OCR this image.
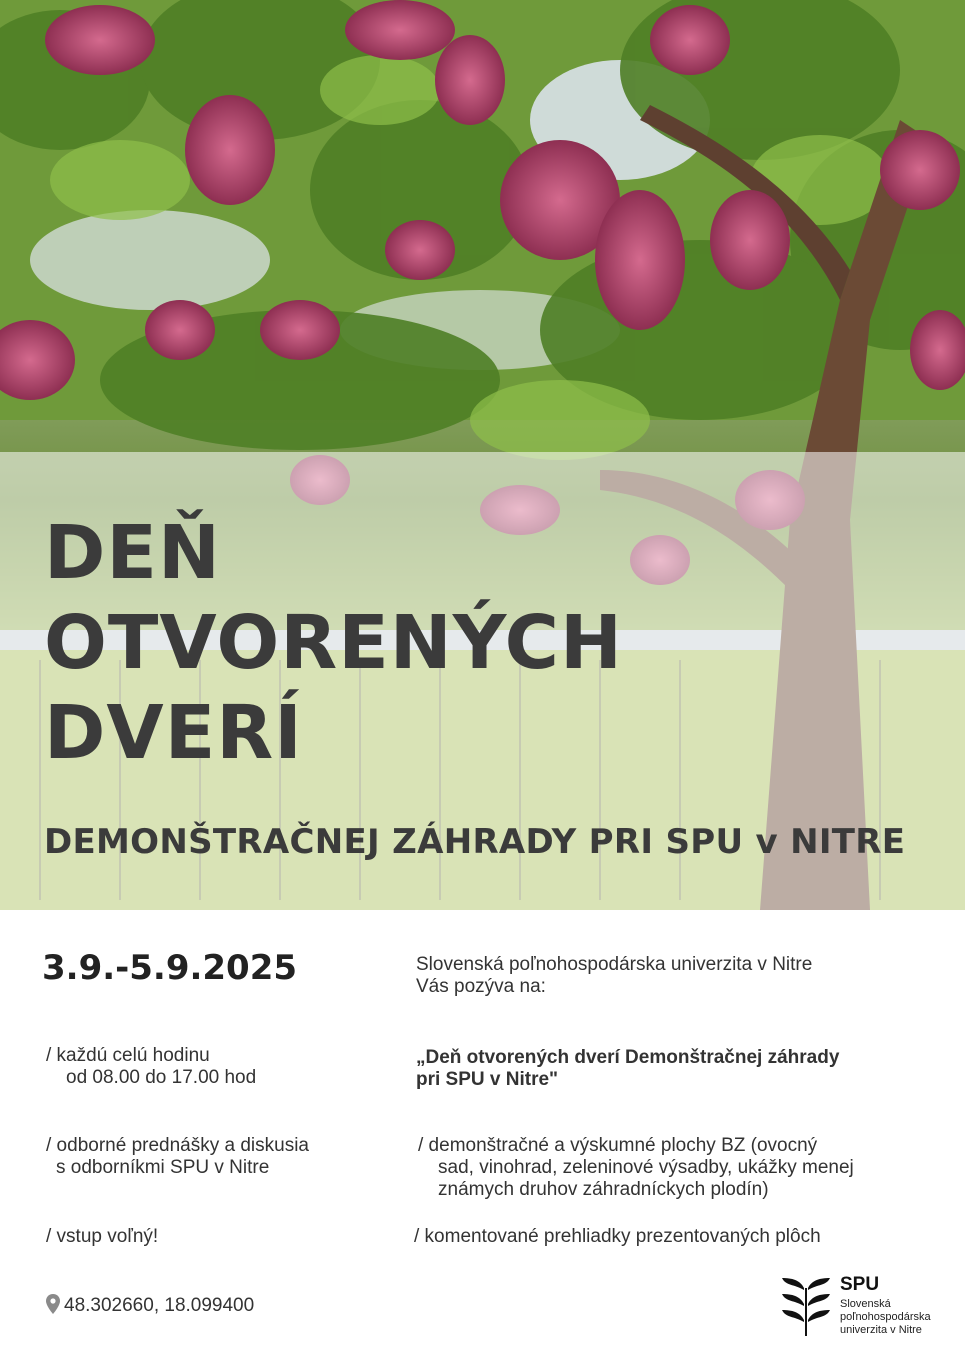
DEŇ
OTVORENÝCH
DVERÍ
DEMONŠTRAČNEJ ZÁHRADY PRI SPU v NITRE
3.9.-5.9.2025	Slovenská poľnohospodárska univerzita v Nitre
Vás pozýva na:
/ každú celú hodinu
od 08.00 do 17.00 hod
„Deň otvorených dverí Demonštračnej záhrady
pri SPU v Nitre"
/ odborné prednášky a diskusia
s odborníkmi SPU v Nitre
/ demonštračné a výskumné plochy BZ (ovocný
sad, vinohrad, zeleninové výsadby, ukážky menej
známych druhov záhradníckych plodín)
/ vstup voľný!	/ komentované prehliadky prezentovaných plôch
48.302660, 18.099400
SPU
Slovenská
poľnohospodárska
univerzita v Nitre
